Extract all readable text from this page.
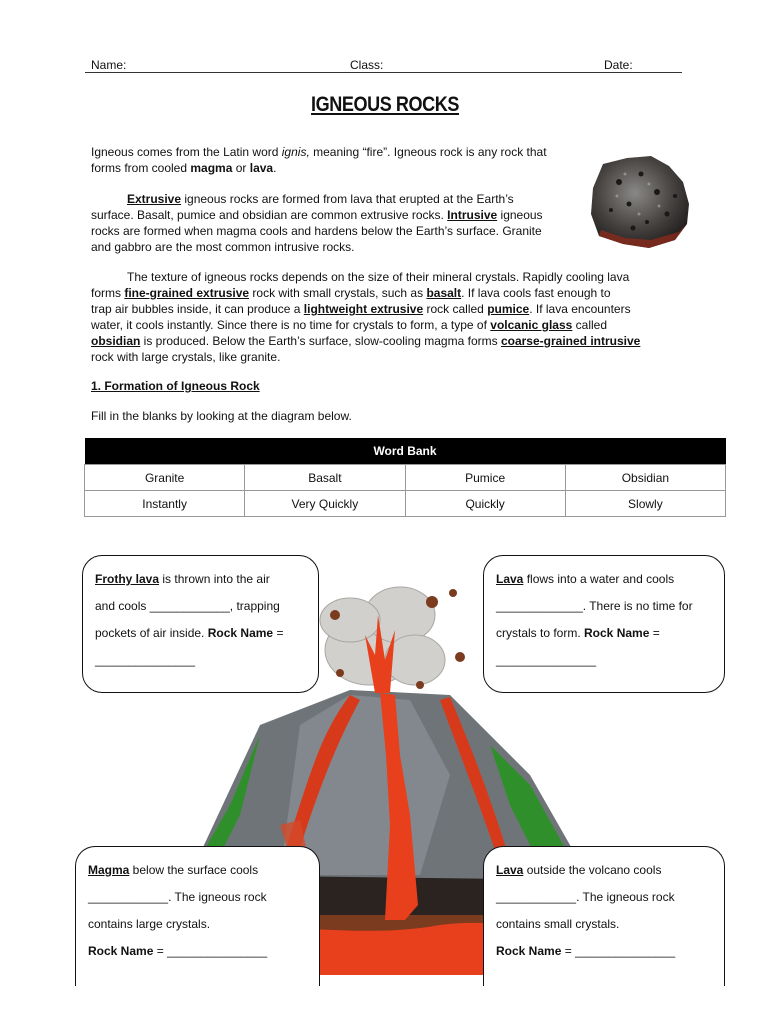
Name:	Class:	Date:
IGNEOUS ROCKS

Igneous comes from the Latin word ignis, meaning “fire”. Igneous rock is any rock that

forms from cooled magma or lava.

Extrusive igneous rocks are formed from lava that erupted at the Earth’s

surface. Basalt, pumice and obsidian are common extrusive rocks. Intrusive igneous

rocks are formed when magma cools and hardens below the Earth’s surface. Granite

and gabbro are the most common intrusive rocks.

The texture of igneous rocks depends on the size of their mineral crystals. Rapidly cooling lava

forms fine-grained extrusive rock with small crystals, such as basalt. If lava cools fast enough to

trap air bubbles inside, it can produce a lightweight extrusive rock called pumice. If lava encounters

water, it cools instantly. Since there is no time for crystals to form, a type of volcanic glass called

obsidian is produced. Below the Earth’s surface, slow-cooling magma forms coarse-grained intrusive

rock with large crystals, like granite.

1. Formation of Igneous Rock

Fill in the blanks by looking at the diagram below.

Word Bank			
Granite	Basalt	Pumice	Obsidian
Instantly	Very Quickly	Quickly	Slowly

Frothy lava is thrown into the air

and cools ____________, trapping

pockets of air inside. Rock Name =

_______________

Lava flows into a water and cools

_____________. There is no time for

crystals to form. Rock Name =

_______________

Magma below the surface cools

____________. The igneous rock

contains large crystals.

Rock Name = _______________

Lava outside the volcano cools

____________. The igneous rock

contains small crystals.

Rock Name = _______________
